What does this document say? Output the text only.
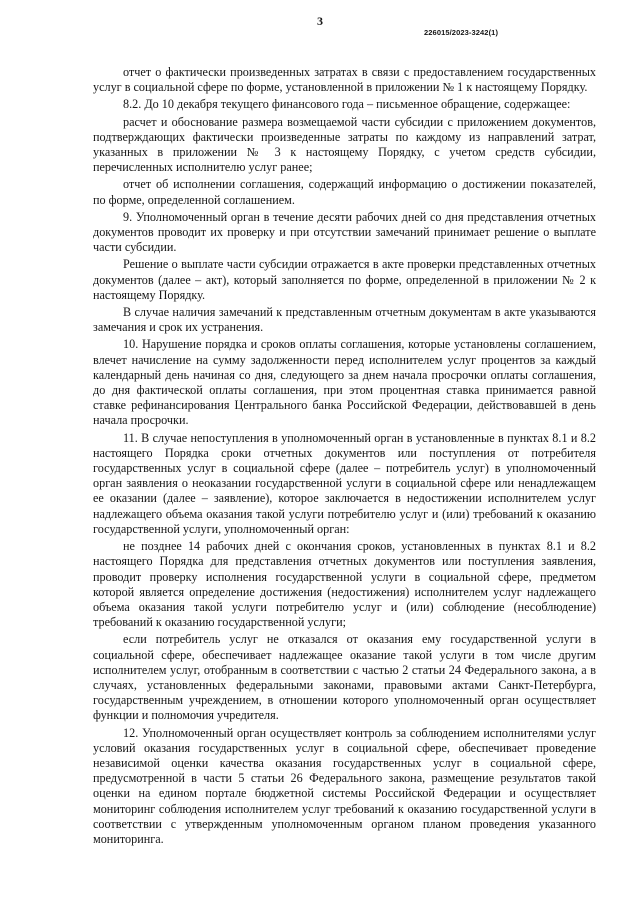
3
226015/2023-3242(1)

отчет о фактически произведенных затратах в связи с предоставлением государственных услуг в социальной сфере по форме, установленной в приложении № 1 к настоящему Порядку.

8.2. До 10 декабря текущего финансового года – письменное обращение, содержащее:

расчет и обоснование размера возмещаемой части субсидии с приложением документов, подтверждающих фактически произведенные затраты по каждому из направлений затрат, указанных в приложении № 3 к настоящему Порядку, с учетом средств субсидии, перечисленных исполнителю услуг ранее;

отчет об исполнении соглашения, содержащий информацию о достижении показателей, по форме, определенной соглашением.

9. Уполномоченный орган в течение десяти рабочих дней со дня представления отчетных документов проводит их проверку и при отсутствии замечаний принимает решение о выплате части субсидии.

Решение о выплате части субсидии отражается в акте проверки представленных отчетных документов (далее – акт), который заполняется по форме, определенной в приложении № 2 к настоящему Порядку.

В случае наличия замечаний к представленным отчетным документам в акте указываются замечания и срок их устранения.

10. Нарушение порядка и сроков оплаты соглашения, которые установлены соглашением, влечет начисление на сумму задолженности перед исполнителем услуг процентов за каждый календарный день начиная со дня, следующего за днем начала просрочки оплаты соглашения, до дня фактической оплаты соглашения, при этом процентная ставка принимается равной ставке рефинансирования Центрального банка Российской Федерации, действовавшей в день начала просрочки.

11. В случае непоступления в уполномоченный орган в установленные в пунктах 8.1 и 8.2 настоящего Порядка сроки отчетных документов или поступления от потребителя государственных услуг в социальной сфере (далее – потребитель услуг) в уполномоченный орган заявления о неоказании государственной услуги в социальной сфере или ненадлежащем ее оказании (далее – заявление), которое заключается в недостижении исполнителем услуг надлежащего объема оказания такой услуги потребителю услуг и (или) требований к оказанию государственной услуги, уполномоченный орган:

не позднее 14 рабочих дней с окончания сроков, установленных в пунктах 8.1 и 8.2 настоящего Порядка для представления отчетных документов или поступления заявления, проводит проверку исполнения государственной услуги в социальной сфере, предметом которой является определение достижения (недостижения) исполнителем услуг надлежащего объема оказания такой услуги потребителю услуг и (или) соблюдение (несоблюдение) требований к оказанию государственной услуги;

если потребитель услуг не отказался от оказания ему государственной услуги в социальной сфере, обеспечивает надлежащее оказание такой услуги в том числе другим исполнителем услуг, отобранным в соответствии с частью 2 статьи 24 Федерального закона, а в случаях, установленных федеральными законами, правовыми актами Санкт-Петербурга, государственным учреждением, в отношении которого уполномоченный орган осуществляет функции и полномочия учредителя.

12. Уполномоченный орган осуществляет контроль за соблюдением исполнителями услуг условий оказания государственных услуг в социальной сфере, обеспечивает проведение независимой оценки качества оказания государственных услуг в социальной сфере, предусмотренной в части 5 статьи 26 Федерального закона, размещение результатов такой оценки на едином портале бюджетной системы Российской Федерации и осуществляет мониторинг соблюдения исполнителем услуг требований к оказанию государственной услуги в соответствии с утвержденным уполномоченным органом планом проведения указанного мониторинга.
